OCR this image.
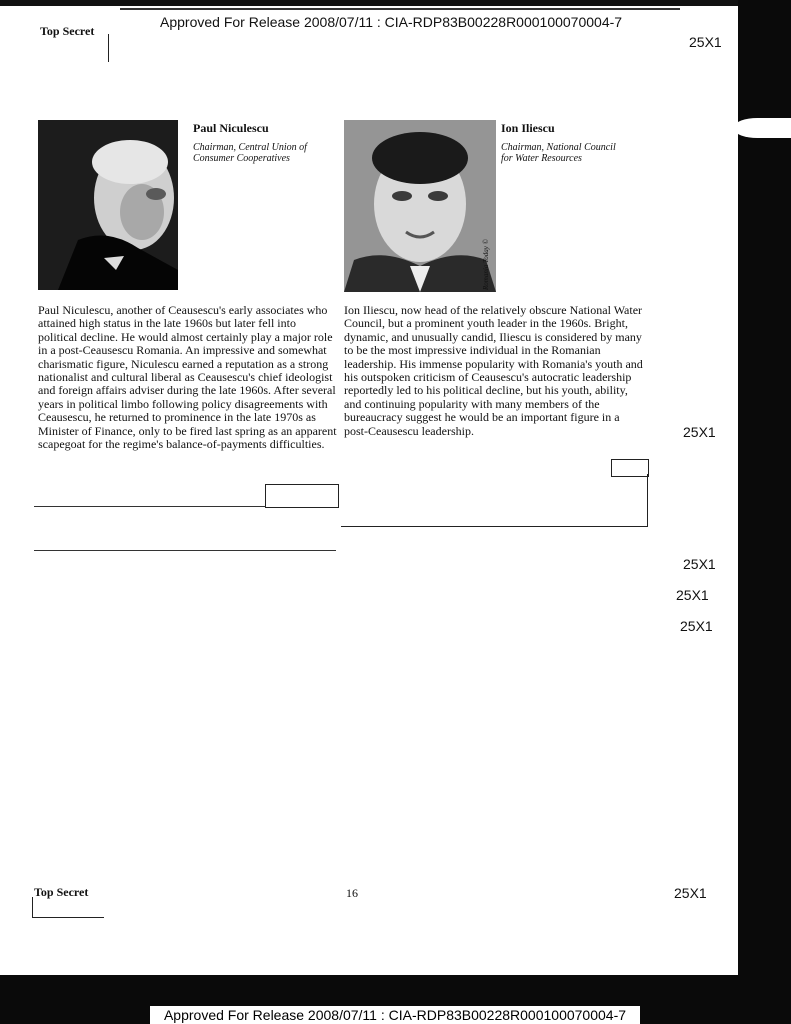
Approved For Release 2008/07/11 : CIA-RDP83B00228R000100070004-7
Top Secret
25X1
25X1
25X1
25X1
25X1
25X1
Paul Niculescu
Chairman, Central Union of
Consumer Cooperatives
Romania Today ©
Ion Iliescu
Chairman, National Council
for Water Resources
Paul Niculescu, another of Ceausescu's early associates who attained high status in the late 1960s but later fell into political decline. He would almost certainly play a major role in a post-Ceausescu Romania. An impressive and somewhat charismatic figure, Niculescu earned a reputation as a strong nationalist and cultural liberal as Ceausescu's chief ideologist and foreign affairs adviser during the late 1960s. After several years in political limbo following policy disagreements with Ceausescu, he returned to prominence in the late 1970s as Minister of Finance, only to be fired last spring as an apparent scapegoat for the regime's balance-of-payments difficulties.
Ion Iliescu, now head of the relatively obscure National Water Council, but a prominent youth leader in the 1960s. Bright, dynamic, and unusually candid, Iliescu is considered by many to be the most impressive individual in the Romanian leadership. His immense popularity with Romania's youth and his outspoken criticism of Ceausescu's autocratic leadership reportedly led to his political decline, but his youth, ability, and continuing popularity with many members of the bureaucracy suggest he would be an important figure in a post-Ceausescu leadership.
Top Secret	16
Approved For Release 2008/07/11 : CIA-RDP83B00228R000100070004-7
